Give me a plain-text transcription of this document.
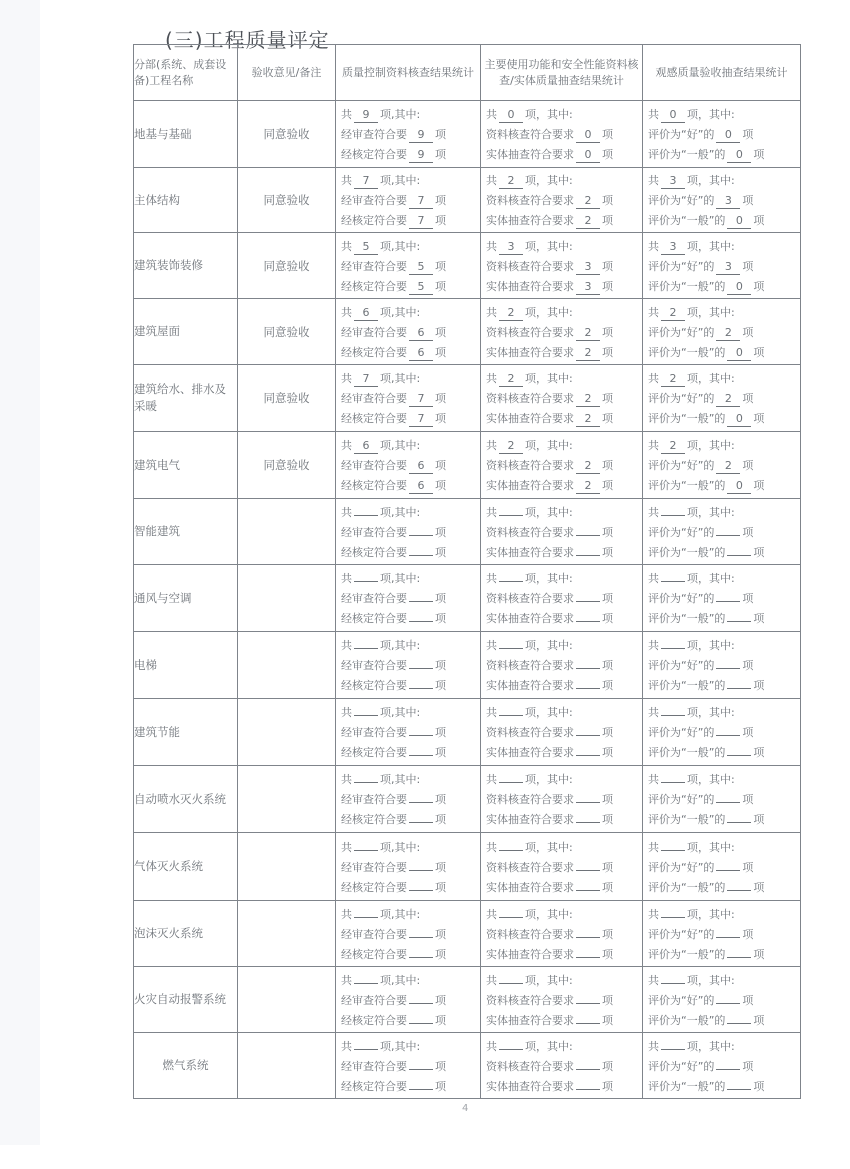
(三)工程质量评定
分部(系统、成套设备)工程名称	验收意见/备注	质量控制资料核查结果统计	主要使用功能和安全性能资料核查/实体质量抽查结果统计	观感质量验收抽查结果统计
地基与基础	同意验收	共 9 项,其中:
经审查符合要 9 项
经核定符合要 9 项	共 0 项，其中:
资料核查符合要求 0 项
实体抽查符合要求 0 项	共 0 项，其中:
评价为“好”的 0 项
评价为“一般”的 0 项

主体结构	同意验收	共 7 项,其中:
经审查符合要 7 项
经核定符合要 7 项	共 2 项，其中:
资料核查符合要求 2 项
实体抽查符合要求 2 项	共 3 项，其中:
评价为“好”的 3 项
评价为“一般”的 0 项

建筑装饰装修	同意验收	共 5 项,其中:
经审查符合要 5 项
经核定符合要 5 项	共 3 项，其中:
资料核查符合要求 3 项
实体抽查符合要求 3 项	共 3 项，其中:
评价为“好”的 3 项
评价为“一般”的 0 项

建筑屋面	同意验收	共 6 项,其中:
经审查符合要 6 项
经核定符合要 6 项	共 2 项，其中:
资料核查符合要求 2 项
实体抽查符合要求 2 项	共 2 项，其中:
评价为“好”的 2 项
评价为“一般”的 0 项

建筑给水、排水及采暖	同意验收	共 7 项,其中:
经审查符合要 7 项
经核定符合要 7 项	共 2 项，其中:
资料核查符合要求 2 项
实体抽查符合要求 2 项	共 2 项，其中:
评价为“好”的 2 项
评价为“一般”的 0 项

建筑电气	同意验收	共 6 项,其中:
经审查符合要 6 项
经核定符合要 6 项	共 2 项，其中:
资料核查符合要求 2 项
实体抽查符合要求 2 项	共 2 项，其中:
评价为“好”的 2 项
评价为“一般”的 0 项

智能建筑		共 项,其中:
经审查符合要 项
经核定符合要 项	共 项，其中:
资料核查符合要求 项
实体抽查符合要求 项	共 项，其中:
评价为“好”的 项
评价为“一般”的 项

通风与空调		共 项,其中:
经审查符合要 项
经核定符合要 项	共 项，其中:
资料核查符合要求 项
实体抽查符合要求 项	共 项，其中:
评价为“好”的 项
评价为“一般”的 项

电梯		共 项,其中:
经审查符合要 项
经核定符合要 项	共 项，其中:
资料核查符合要求 项
实体抽查符合要求 项	共 项，其中:
评价为“好”的 项
评价为“一般”的 项

建筑节能		共 项,其中:
经审查符合要 项
经核定符合要 项	共 项，其中:
资料核查符合要求 项
实体抽查符合要求 项	共 项，其中:
评价为“好”的 项
评价为“一般”的 项

自动喷水灭火系统		共 项,其中:
经审查符合要 项
经核定符合要 项	共 项，其中:
资料核查符合要求 项
实体抽查符合要求 项	共 项，其中:
评价为“好”的 项
评价为“一般”的 项

气体灭火系统		共 项,其中:
经审查符合要 项
经核定符合要 项	共 项，其中:
资料核查符合要求 项
实体抽查符合要求 项	共 项，其中:
评价为“好”的 项
评价为“一般”的 项

泡沫灭火系统		共 项,其中:
经审查符合要 项
经核定符合要 项	共 项，其中:
资料核查符合要求 项
实体抽查符合要求 项	共 项，其中:
评价为“好”的 项
评价为“一般”的 项

火灾自动报警系统		共 项,其中:
经审查符合要 项
经核定符合要 项	共 项，其中:
资料核查符合要求 项
实体抽查符合要求 项	共 项，其中:
评价为“好”的 项
评价为“一般”的 项

燃气系统		共 项,其中:
经审查符合要 项
经核定符合要 项	共 项，其中:
资料核查符合要求 项
实体抽查符合要求 项	共 项，其中:
评价为“好”的 项
评价为“一般”的 项
4
